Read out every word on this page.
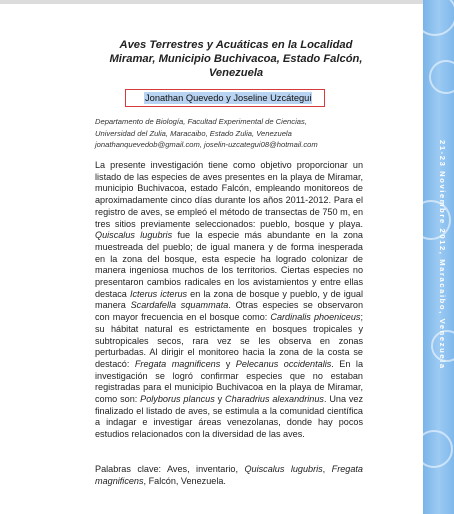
Aves Terrestres y Acuáticas en la Localidad Miramar, Municipio Buchivacoa, Estado Falcón, Venezuela
Jonathan Quevedo y Joseline Uzcátegui
Departamento de Biología, Facultad Experimental de Ciencias,
Universidad del Zulia, Maracaibo, Estado Zulia, Venezuela
jonathanquevedob@gmail.com, joselin-uzcategui08@hotmail.com

La presente investigación tiene como objetivo proporcionar un listado de las especies de aves presentes en la playa de Miramar, municipio Buchivacoa, estado Falcón, empleando monitoreos de aproximadamente cinco días durante los años 2011-2012. Para el registro de aves, se empleó el método de transectas de 750 m, en tres sitios previamente seleccionados: pueblo, bosque y playa. Quiscalus lugubris fue la especie más abundante en la zona muestreada del pueblo; de igual manera y de forma inesperada en la zona del bosque, esta especie ha logrado colonizar de manera ingeniosa muchos de los territorios. Ciertas especies no presentaron cambios radicales en los avistamientos y entre ellas destaca Icterus icterus en la zona de bosque y pueblo, y de igual manera Scardafella squammata. Otras especies se observaron con mayor frecuencia en el bosque como: Cardinalis phoeniceus; su hábitat natural es estrictamente en bosques tropicales y subtropicales secos, rara vez se les observa en zonas perturbadas. Al dirigir el monitoreo hacia la zona de la costa se destacó: Fregata magnificens y Pelecanus occidentalis. En la investigación se logró confirmar especies que no estaban registradas para el municipio Buchivacoa en la playa de Miramar, como son: Polyborus plancus y Charadrius alexandrinus. Una vez finalizado el listado de aves, se estimula a la comunidad científica a indagar e investigar áreas venezolanas, donde hay pocos estudios relacionados con la diversidad de las aves.

Palabras clave: Aves, inventario, Quiscalus lugubris, Fregata magnificens, Falcón, Venezuela.
21-23 Noviembre 2012, Maracaibo, Venezuela
